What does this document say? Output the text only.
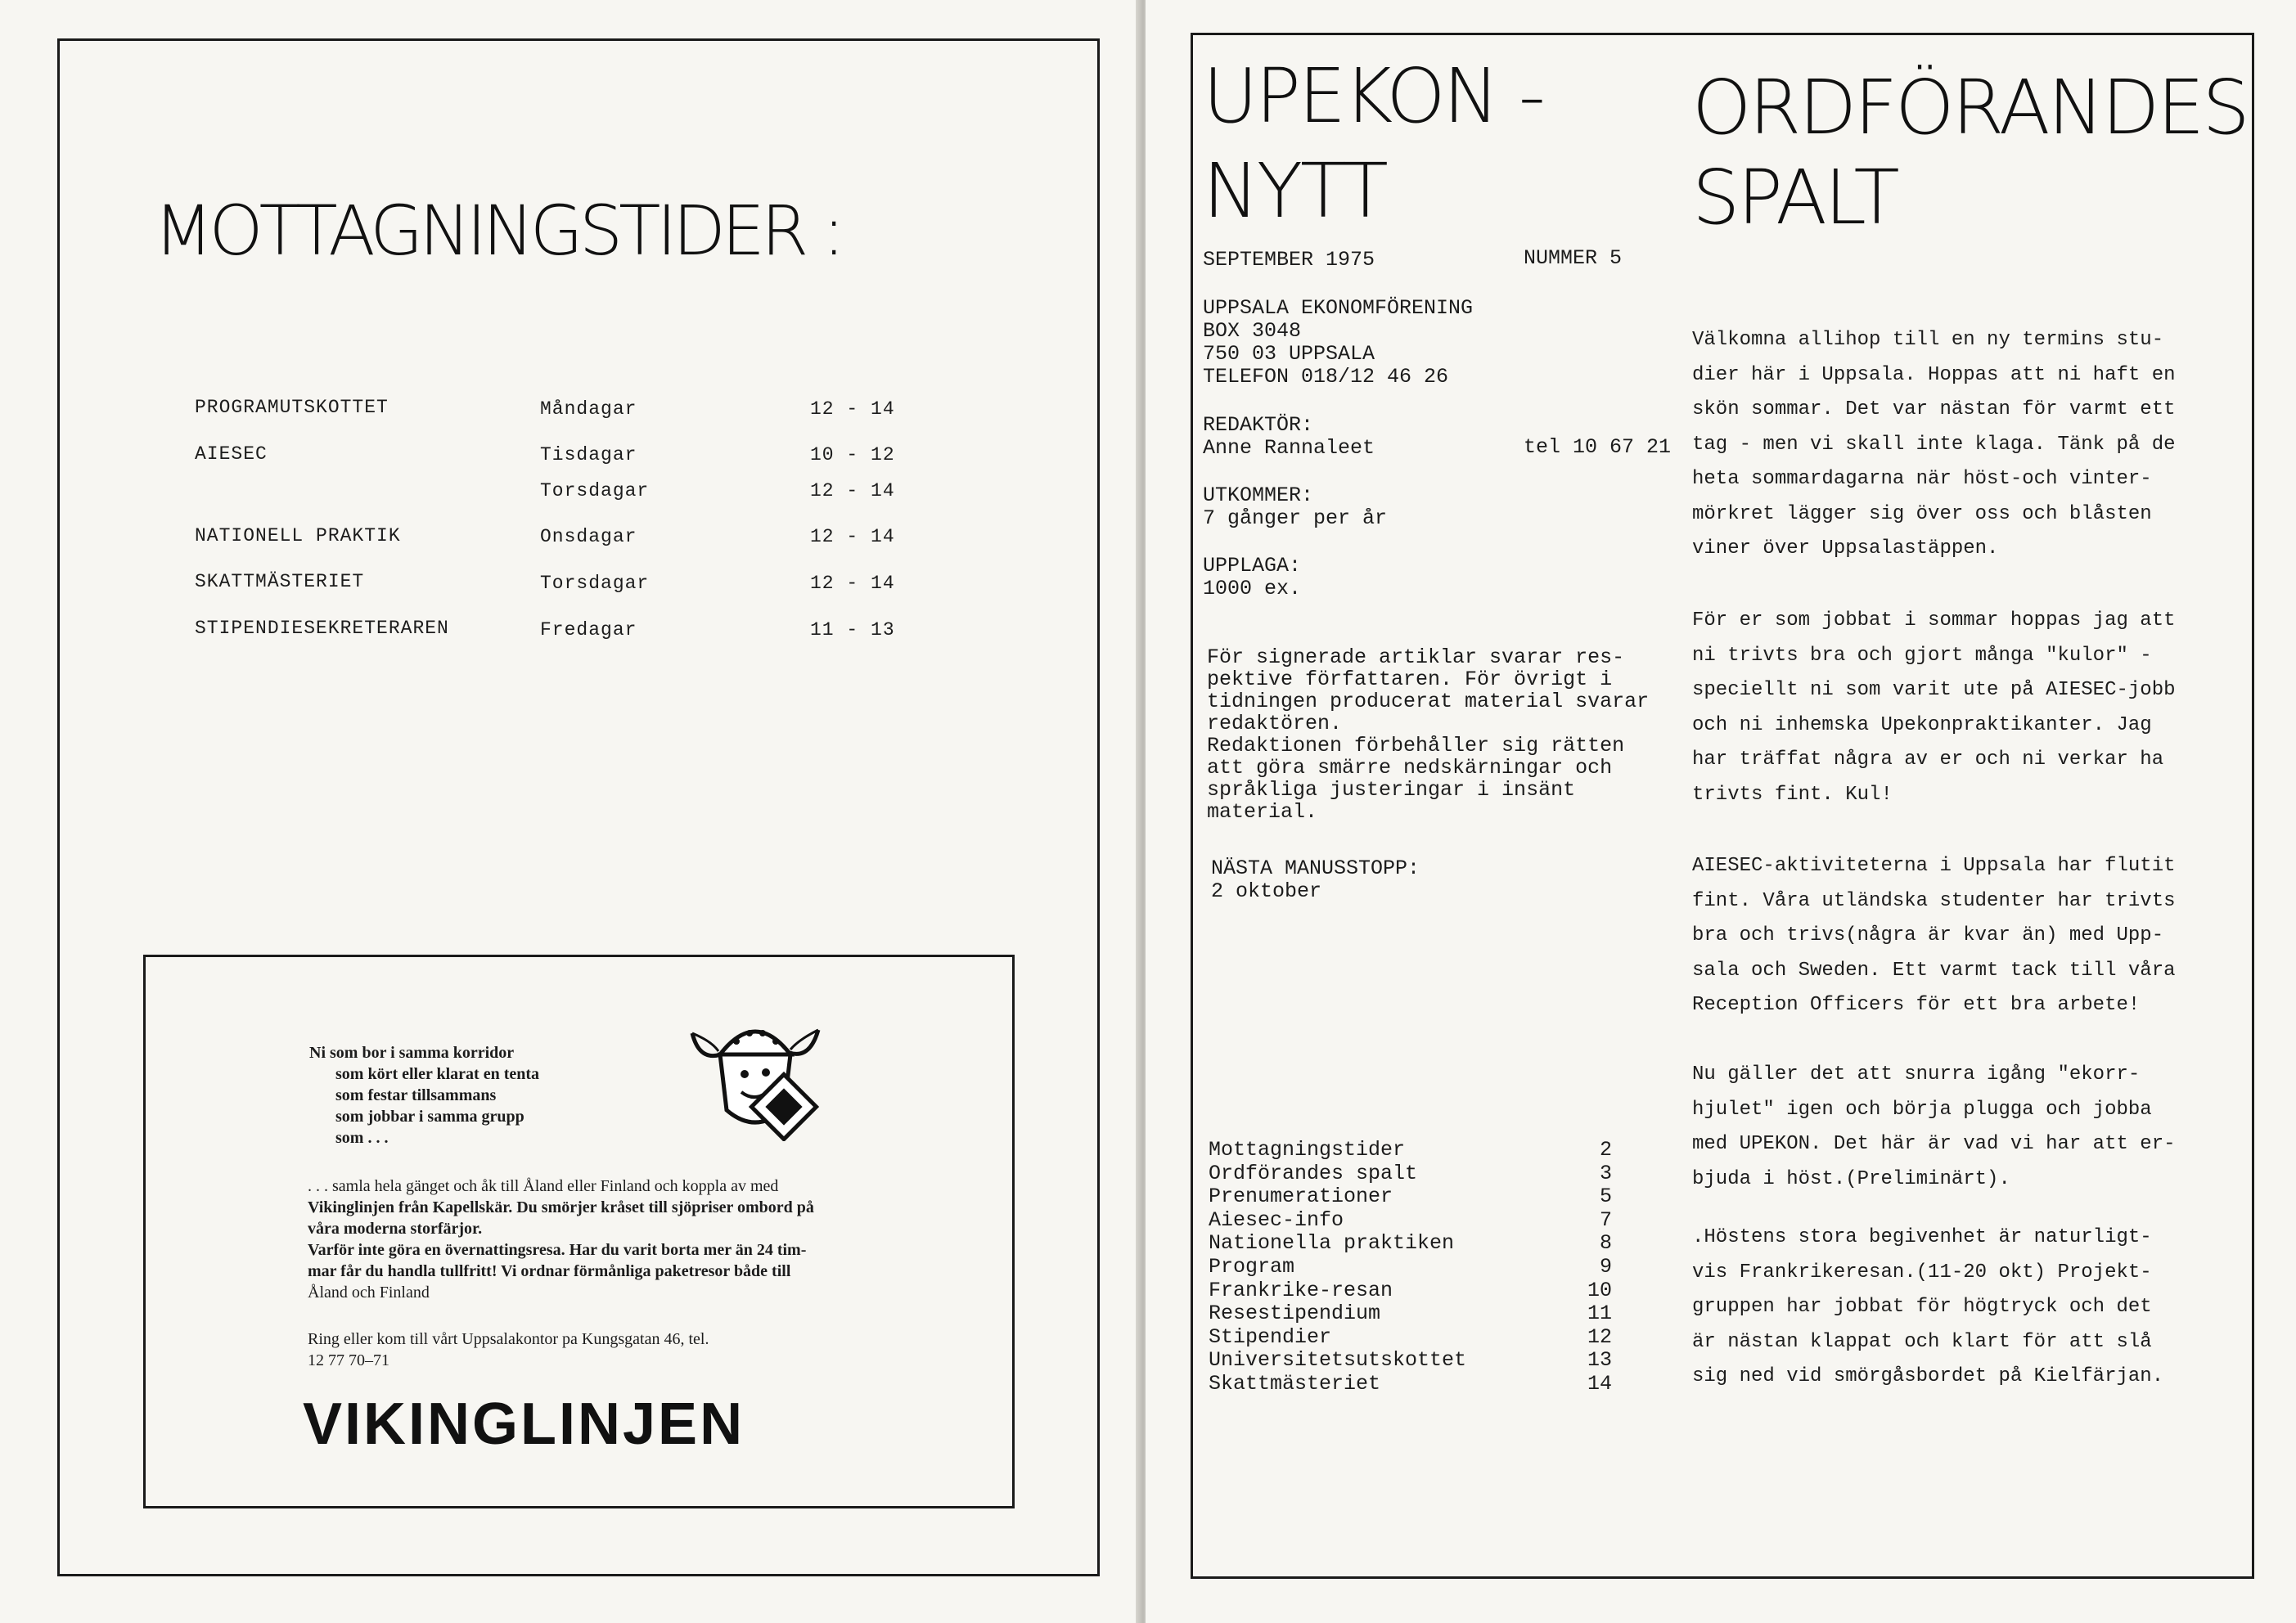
MOTTAGNINGSTIDER :
PROGRAMUTSKOTTET	Måndagar	12 - 14
AIESEC	Tisdagar	10 - 12
Torsdagar	12 - 14
NATIONELL PRAKTIK	Onsdagar	12 - 14
SKATTMÄSTERIET	Torsdagar	12 - 14
STIPENDIESEKRETERAREN	Fredagar	11 - 13
Ni som bor i samma korridor
som kört eller klarat en tenta
som festar tillsammans
som jobbar i samma grupp
som . . .
. . . samla hela gänget och åk till Åland eller Finland och koppla av med
Vikinglinjen från Kapellskär. Du smörjer kråset till sjöpriser ombord på
våra moderna storfärjor.
Varför inte göra en övernattingsresa. Har du varit borta mer än 24 tim-
mar får du handla tullfritt! Vi ordnar förmånliga paketresor både till
Åland och Finland
Ring eller kom till vårt Uppsalakontor pa Kungsgatan 46, tel.
12 77 70–71
VIKINGLINJEN
UPEKON -
NYTT
SEPTEMBER 1975	NUMMER 5
UPPSALA EKONOMFÖRENING
BOX 3048
750 03 UPPSALA
TELEFON 018/12 46 26
REDAKTÖR:
Anne Rannaleet	tel 10 67 21
UTKOMMER:
7 gånger per år
UPPLAGA:
1000 ex.
För signerade artiklar svarar res-
pektive författaren. För övrigt i
tidningen producerat material svarar
redaktören.
Redaktionen förbehåller sig rätten
att göra smärre nedskärningar och
språkliga justeringar i insänt
material.
NÄSTA MANUSSTOPP:
2 oktober
Mottagningstider	2
Ordförandes spalt	3
Prenumerationer	5
Aiesec-info	7
Nationella praktiken	8
Program	9
Frankrike-resan	10
Resestipendium	11
Stipendier	12
Universitetsutskottet	13
Skattmästeriet	14
ORDFÖRANDES
SPALT
Välkomna allihop till en ny termins stu-
dier här i Uppsala. Hoppas att ni haft en
skön sommar. Det var nästan för varmt ett
tag - men vi skall inte klaga. Tänk på de
heta sommardagarna när höst-och vinter-
mörkret lägger sig över oss och blåsten
viner över Uppsalastäppen.
För er som jobbat i sommar hoppas jag att
ni trivts bra och gjort många "kulor" -
speciellt ni som varit ute på AIESEC-jobb
och ni inhemska Upekonpraktikanter. Jag
har träffat några av er och ni verkar ha
trivts fint. Kul!
AIESEC-aktiviteterna i Uppsala har flutit
fint. Våra utländska studenter har trivts
bra och trivs(några är kvar än) med Upp-
sala och Sweden. Ett varmt tack till våra
Reception Officers för ett bra arbete!
Nu gäller det att snurra igång "ekorr-
hjulet" igen och börja plugga och jobba
med UPEKON. Det här är vad vi har att er-
bjuda i höst.(Preliminärt).
.Höstens stora begivenhet är naturligt-
vis Frankrikeresan.(11-20 okt) Projekt-
gruppen har jobbat för högtryck och det
är nästan klappat och klart för att slå
sig ned vid smörgåsbordet på Kielfärjan.
